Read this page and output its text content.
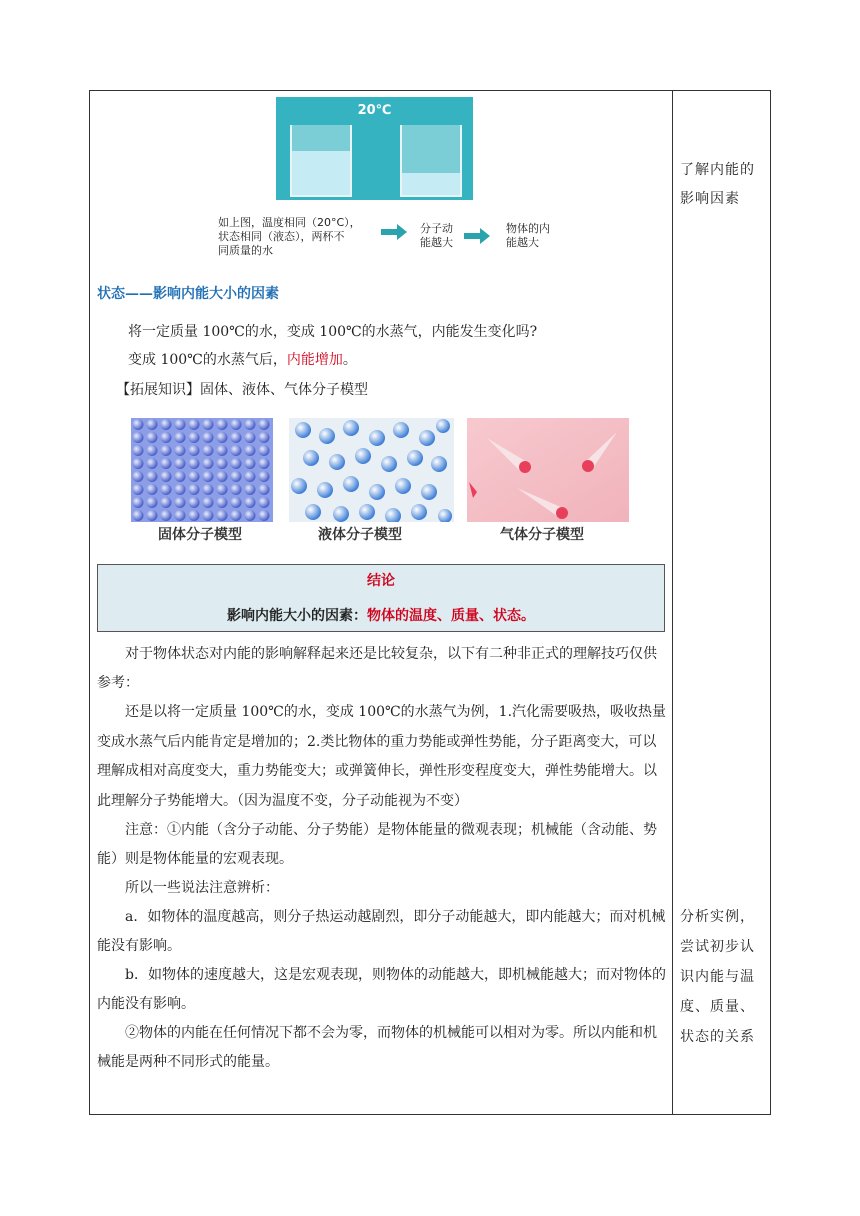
20℃
如上图，温度相同（20°C），
状态相同（液态），两杯不
同质量的水
分子动
能越大
物体的内
能越大
状态——影响内能大小的因素
将一定质量 100℃的水，变成 100℃的水蒸气，内能发生变化吗?
变成 100℃的水蒸气后，内能增加。
【拓展知识】固体、液体、气体分子模型
固体分子模型	液体分子模型	气体分子模型
结论
影响内能大小的因素：物体的温度、质量、状态。
对于物体状态对内能的影响解释起来还是比较复杂，以下有二种非正式的理解技巧仅供参考：
还是以将一定质量 100℃的水，变成 100℃的水蒸气为例，1.汽化需要吸热，吸收热量变成水蒸气后内能肯定是增加的；2.类比物体的重力势能或弹性势能，分子距离变大，可以理解成相对高度变大，重力势能变大；或弹簧伸长，弹性形变程度变大，弹性势能增大。以此理解分子势能增大。（因为温度不变，分子动能视为不变）
注意：①内能（含分子动能、分子势能）是物体能量的微观表现；机械能（含动能、势能）则是物体能量的宏观表现。
所以一些说法注意辨析：
a．如物体的温度越高，则分子热运动越剧烈，即分子动能越大，即内能越大；而对机械能没有影响。
b．如物体的速度越大，这是宏观表现，则物体的动能越大，即机械能越大；而对物体的内能没有影响。
②物体的内能在任何情况下都不会为零，而物体的机械能可以相对为零。所以内能和机械能是两种不同形式的能量。
了解内能的影响因素
分析实例，尝试初步认识内能与温度、质量、状态的关系
